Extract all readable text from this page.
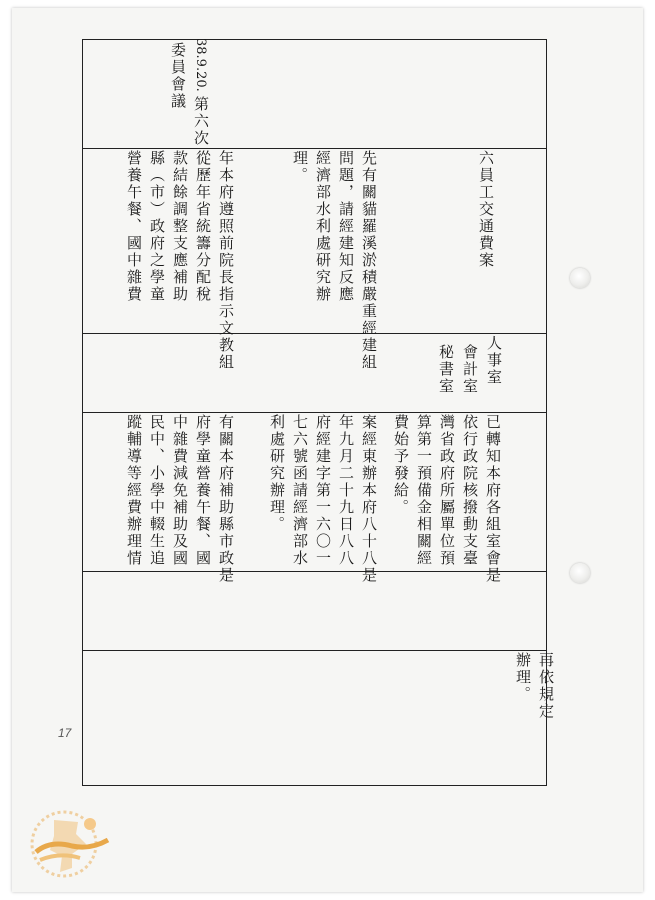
委員會議 38.9.20.
第六次
六員工交通費案
人事室
會計室
秘書室
已轉知本府各組室會是
依行政院核撥動支臺
灣省政府所屬單位預
算第一預備金相關經
費始予發給。
先有關貓羅溪淤積嚴重經建組
問題，請經建知反應
經濟部水利處研究辦
理。
案經東辦本府八十八是
年九月二十九日八八
府經建字第一六〇一
七六號函請經濟部水
利處研究辦理。
年本府遵照前院長指示文教組
從歷年省統籌分配稅
款結餘調整支應補助
縣（市）政府之學童
營養午餐、國中雜費
有關本府補助縣市政是
府學童營養午餐、國
中雜費減免補助及國
民中、小學中輟生追
蹤輔導等經費辦理情
再依規定
辦理。
17
